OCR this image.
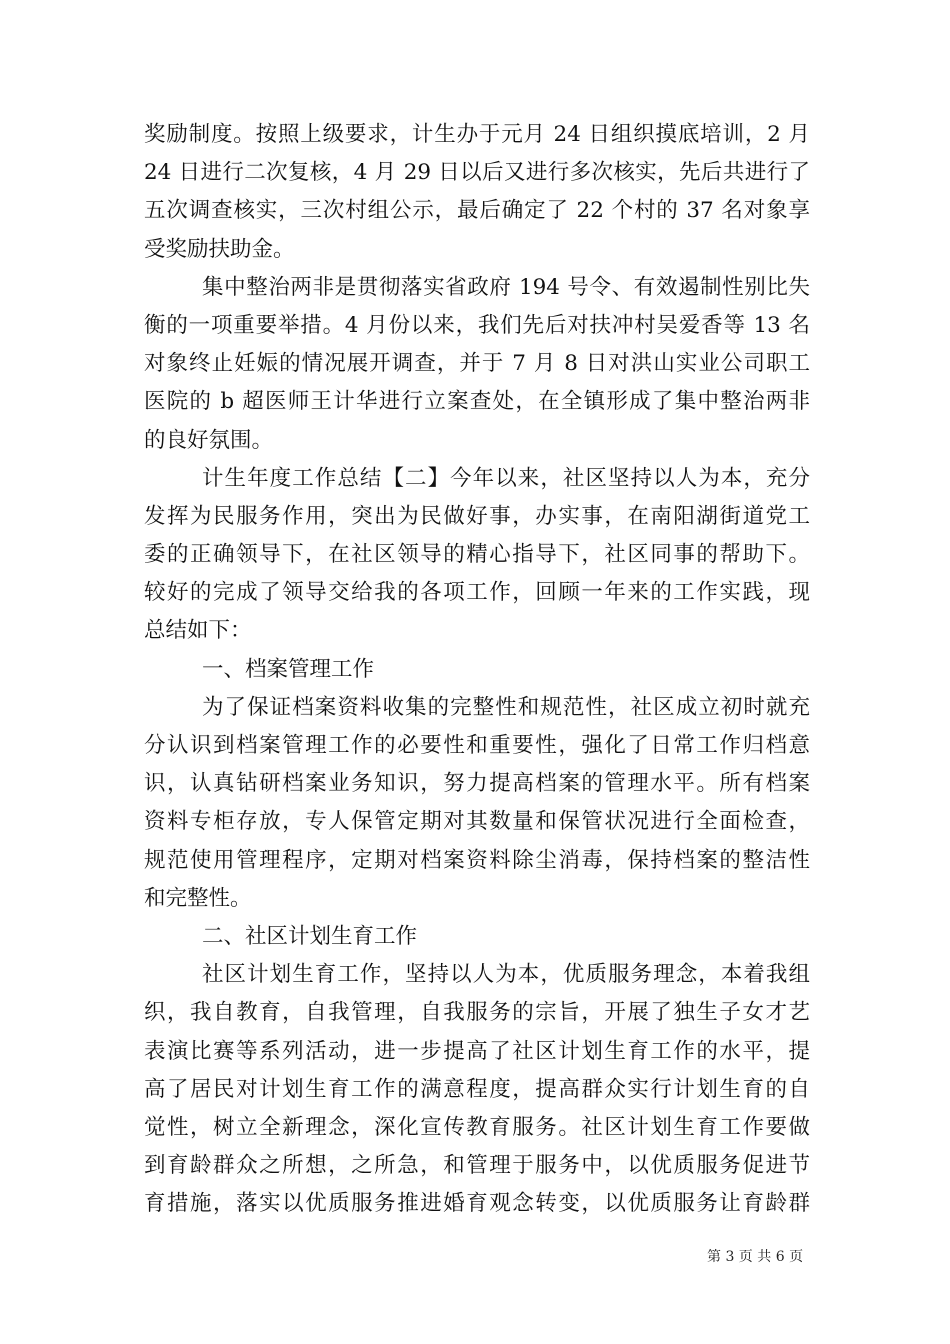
奖励制度。按照上级要求，计生办于元月 24 日组织摸底培训，2 月
24 日进行二次复核，4 月 29 日以后又进行多次核实，先后共进行了
五次调查核实，三次村组公示，最后确定了 22 个村的 37 名对象享
受奖励扶助金。
集中整治两非是贯彻落实省政府 194 号令、有效遏制性别比失
衡的一项重要举措。4 月份以来，我们先后对扶冲村吴爱香等 13 名
对象终止妊娠的情况展开调查，并于 7 月 8 日对洪山实业公司职工
医院的 b 超医师王计华进行立案查处，在全镇形成了集中整治两非
的良好氛围。
计生年度工作总结【二】今年以来，社区坚持以人为本，充分
发挥为民服务作用，突出为民做好事，办实事，在南阳湖街道党工
委的正确领导下，在社区领导的精心指导下，社区同事的帮助下。
较好的完成了领导交给我的各项工作，回顾一年来的工作实践，现
总结如下：
一、档案管理工作
为了保证档案资料收集的完整性和规范性，社区成立初时就充
分认识到档案管理工作的必要性和重要性，强化了日常工作归档意
识，认真钻研档案业务知识，努力提高档案的管理水平。所有档案
资料专柜存放，专人保管定期对其数量和保管状况进行全面检查，
规范使用管理程序，定期对档案资料除尘消毒，保持档案的整洁性
和完整性。
二、社区计划生育工作
社区计划生育工作，坚持以人为本，优质服务理念，本着我组
织，我自教育，自我管理，自我服务的宗旨，开展了独生子女才艺
表演比赛等系列活动，进一步提高了社区计划生育工作的水平，提
高了居民对计划生育工作的满意程度，提高群众实行计划生育的自
觉性，树立全新理念，深化宣传教育服务。社区计划生育工作要做
到育龄群众之所想，之所急，和管理于服务中，以优质服务促进节
育措施，落实以优质服务推进婚育观念转变，以优质服务让育龄群
第 3 页 共 6 页
